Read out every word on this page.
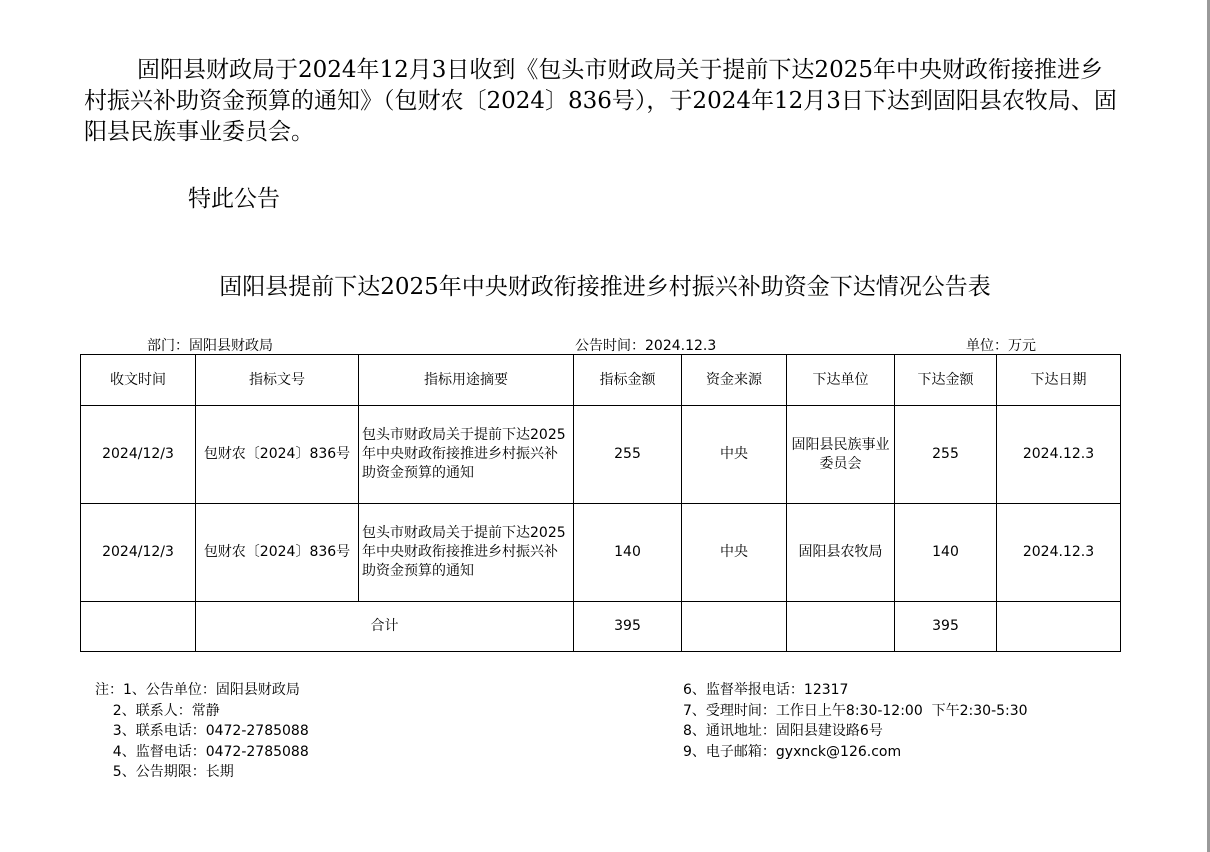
固阳县财政局于2024年12月3日收到《包头市财政局关于提前下达2025年中央财政衔接推进乡村振兴补助资金预算的通知》（包财农〔2024〕836号），于2024年12月3日下达到固阳县农牧局、固阳县民族事业委员会。

特此公告
固阳县提前下达2025年中央财政衔接推进乡村振兴补助资金下达情况公告表
部门：固阳县财政局	公告时间：2024.12.3	单位：万元
收文时间	指标文号	指标用途摘要	指标金额	资金来源	下达单位	下达金额	下达日期
2024/12/3	包财农〔2024〕836号	包头市财政局关于提前下达2025年中央财政衔接推进乡村振兴补助资金预算的通知	255	中央	固阳县民族事业委员会	255	2024.12.3
2024/12/3	包财农〔2024〕836号	包头市财政局关于提前下达2025年中央财政衔接推进乡村振兴补助资金预算的通知	140	中央	固阳县农牧局	140	2024.12.3
	合计		395			395	
注：1、公告单位：固阳县财政局
2、联系人：常静
3、联系电话：0472-2785088
4、监督电话：0472-2785088
5、公告期限：长期
6、监督举报电话：12317
7、受理时间：工作日上午8:30-12:00  下午2:30-5:30
8、通讯地址：固阳县建设路6号
9、电子邮箱：gyxnck@126.com
